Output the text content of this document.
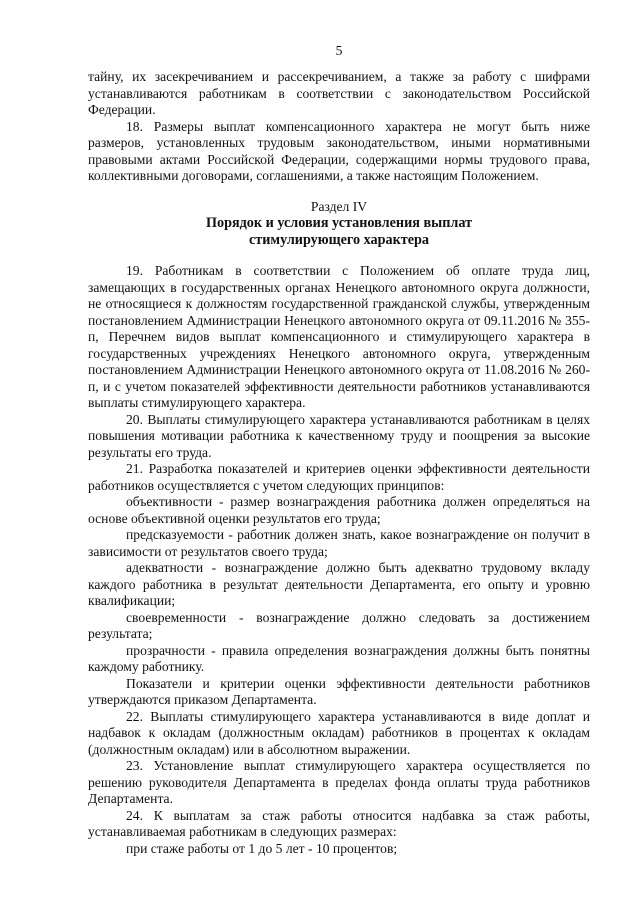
5

тайну, их засекречиванием и рассекречиванием, а также за работу с шифрами устанавливаются работникам в соответствии с законодательством Российской Федерации.

18. Размеры выплат компенсационного характера не могут быть ниже размеров, установленных трудовым законодательством, иными нормативными правовыми актами Российской Федерации, содержащими нормы трудового права, коллективными договорами, соглашениями, а также настоящим Положением.

Раздел IV
Порядок и условия установления выплат
стимулирующего характера

19. Работникам в соответствии с Положением об оплате труда лиц, замещающих в государственных органах Ненецкого автономного округа должности, не относящиеся к должностям государственной гражданской службы, утвержденным постановлением Администрации Ненецкого автономного округа от 09.11.2016 № 355-п, Перечнем видов выплат компенсационного и стимулирующего характера в государственных учреждениях Ненецкого автономного округа, утвержденным постановлением Администрации Ненецкого автономного округа от 11.08.2016 № 260-п, и с учетом показателей эффективности деятельности работников устанавливаются выплаты стимулирующего характера.

20. Выплаты стимулирующего характера устанавливаются работникам в целях повышения мотивации работника к качественному труду и поощрения за высокие результаты его труда.

21. Разработка показателей и критериев оценки эффективности деятельности работников осуществляется с учетом следующих принципов:

объективности - размер вознаграждения работника должен определяться на основе объективной оценки результатов его труда;

предсказуемости - работник должен знать, какое вознаграждение он получит в зависимости от результатов своего труда;

адекватности - вознаграждение должно быть адекватно трудовому вкладу каждого работника в результат деятельности Департамента, его опыту и уровню квалификации;

своевременности - вознаграждение должно следовать за достижением результата;

прозрачности - правила определения вознаграждения должны быть понятны каждому работнику.

Показатели и критерии оценки эффективности деятельности работников утверждаются приказом Департамента.

22. Выплаты стимулирующего характера устанавливаются в виде доплат и надбавок к окладам (должностным окладам) работников в процентах к окладам (должностным окладам) или в абсолютном выражении.

23. Установление выплат стимулирующего характера осуществляется по решению руководителя Департамента в пределах фонда оплаты труда работников Департамента.

24. К выплатам за стаж работы относится надбавка за стаж работы, устанавливаемая работникам в следующих размерах:

при стаже работы от 1 до 5 лет - 10 процентов;
